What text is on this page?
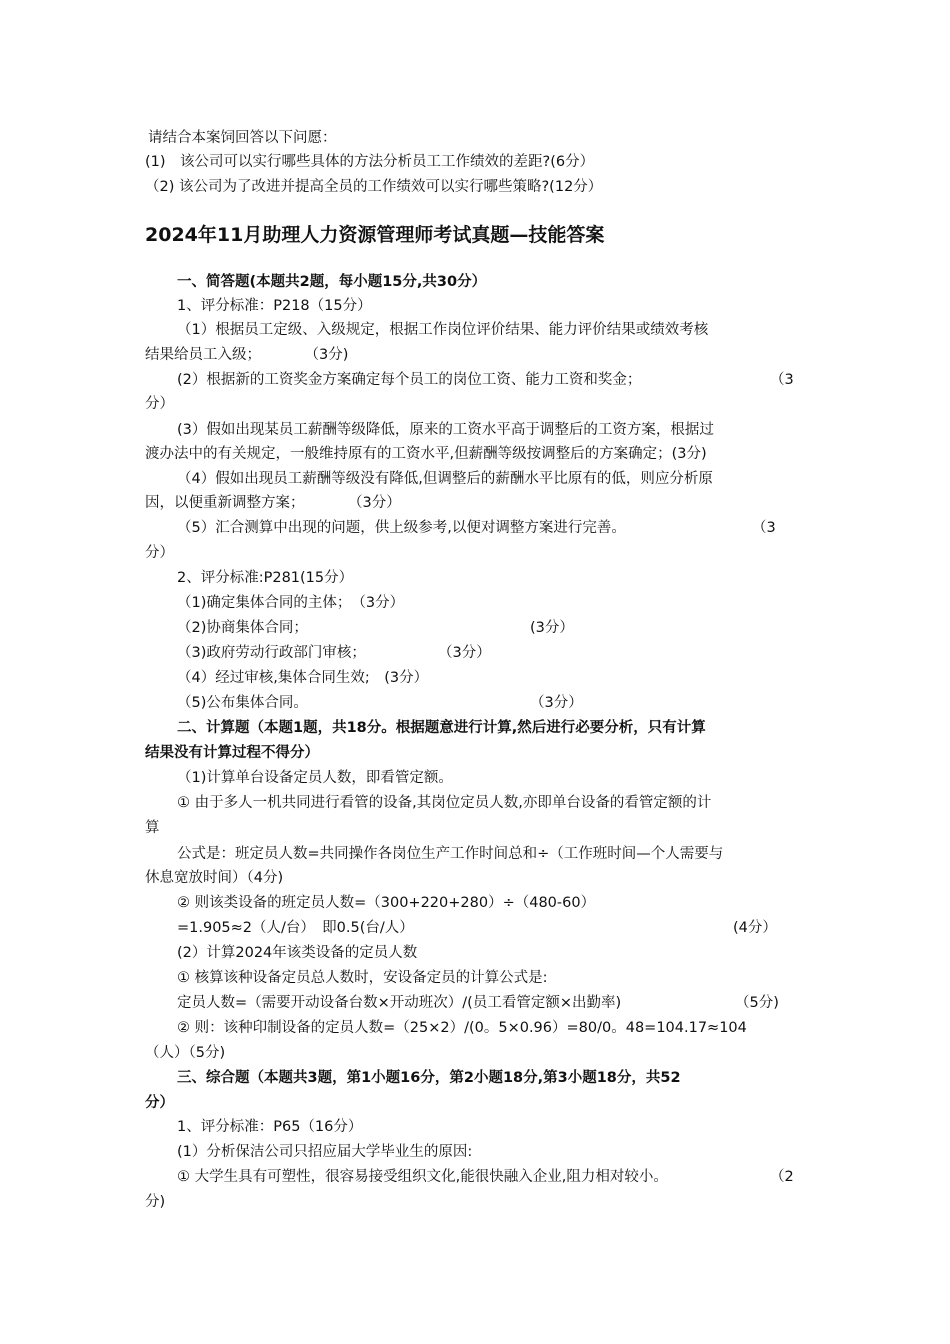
请结合本案饲回答以下问愿：
(1)　该公司可以实行哪些具体的方法分析员工工作绩效的差距?(6分）
（2) 该公司为了改进并提高全员的工作绩效可以实行哪些策略?(12分）
2024年11月助理人力资源管理师考试真题—技能答案
一、简答题(本题共2题，每小题15分,共30分）
1、评分标准：P218（15分）
（1）根据员工定级、入级规定，根据工作岗位评价结果、能力评价结果或绩效考核
结果给员工入级；　　　　（3分)
(2）根据新的工资奖金方案确定每个员工的岗位工资、能力工资和奖金；	（3
分）
(3）假如出现某员工薪酬等级降低，原来的工资水平高于调整后的工资方案，根据过
渡办法中的有关规定，一般维持原有的工资水平,但薪酬等级按调整后的方案确定；(3分)
（4）假如出现员工薪酬等级没有降低,但调整后的薪酬水平比原有的低，则应分析原
因，以便重新调整方案；　　　　（3分）
（5）汇合测算中出现的问题，供上级参考,以便对调整方案进行完善。	（3
分）
2、评分标准:P281(15分）
（1)确定集体合同的主体；　（3分）
（2)协商集体合同；	(3分）
（3)政府劳动行政部门审核；	（3分）
（4）经过审核,集体合同生效;　(3分）
（5)公布集体合同。	（3分）
二、计算题（本题1题，共18分。根据题意进行计算,然后进行必要分析，只有计算
结果没有计算过程不得分）
（1)计算单台设备定员人数，即看管定额。
① 由于多人一机共同进行看管的设备,其岗位定员人数,亦即单台设备的看管定额的计
算
公式是：班定员人数=共同操作各岗位生产工作时间总和÷（工作班时间—个人需要与
休息宽放时间）（4分)
② 则该类设备的班定员人数=（300+220+280）÷（480-60）
=1.905≈2（人/台）　即0.5(台/人）	(4分）
(2）计算2024年该类设备的定员人数
① 核算该种设备定员总人数时，安设备定员的计算公式是:
定员人数=（需要开动设备台数×开动班次）/(员工看管定额×出勤率)	（5分)
② 则：该种印制设备的定员人数=（25×2）/(0。5×0.96）=80/0。48=104.17≈104
（人）（5分)
三、综合题（本题共3题，第1小题16分，第2小题18分,第3小题18分，共52
分）
1、评分标准：P65（16分）
(1）分析保洁公司只招应届大学毕业生的原因:
① 大学生具有可塑性，很容易接受组织文化,能很快融入企业,阻力相对较小。	（2
分)
